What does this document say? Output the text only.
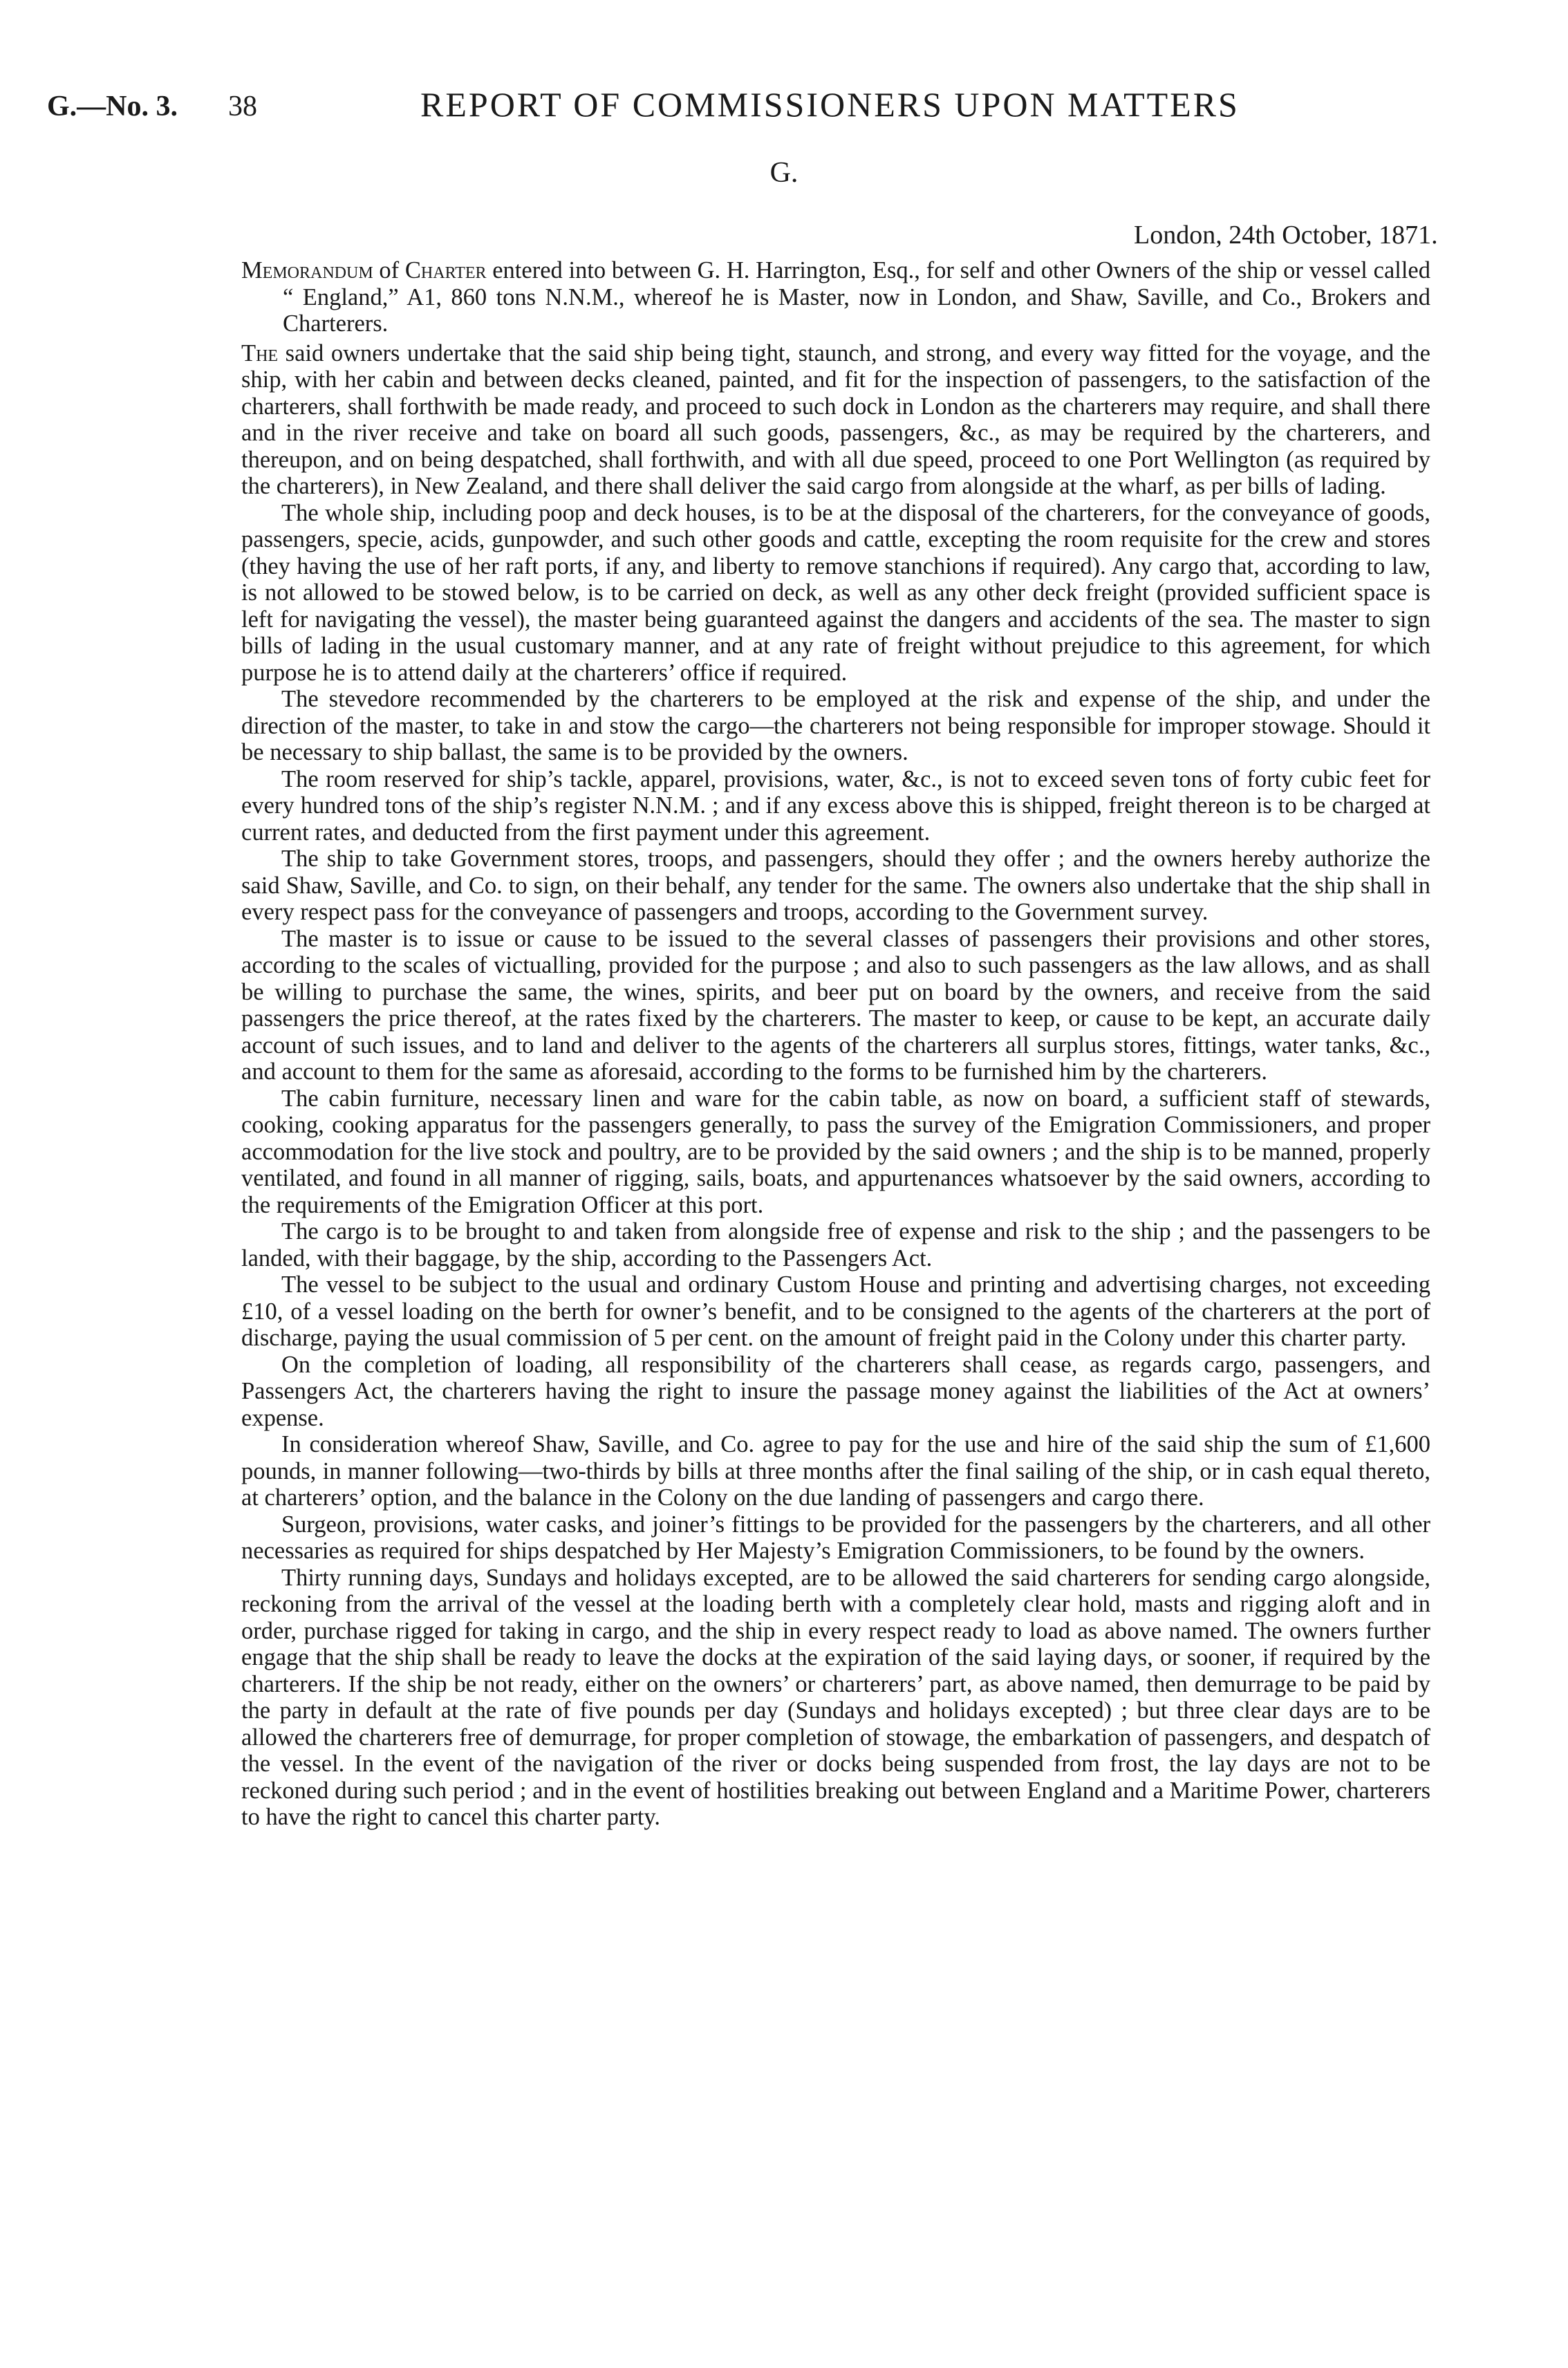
G.—No. 3. 38	REPORT OF COMMISSIONERS UPON MATTERS
G.
London, 24th October, 1871.

Memorandum of Charter entered into between G. H. Harrington, Esq., for self and other Owners of the ship or vessel called “ England,” A1, 860 tons N.N.M., whereof he is Master, now in London, and Shaw, Saville, and Co., Brokers and Charterers.

The said owners undertake that the said ship being tight, staunch, and strong, and every way fitted for the voyage, and the ship, with her cabin and between decks cleaned, painted, and fit for the inspection of passengers, to the satisfaction of the charterers, shall forthwith be made ready, and proceed to such dock in London as the charterers may require, and shall there and in the river receive and take on board all such goods, passengers, &c., as may be required by the charterers, and thereupon, and on being despatched, shall forthwith, and with all due speed, proceed to one Port Wellington (as required by the charterers), in New Zealand, and there shall deliver the said cargo from alongside at the wharf, as per bills of lading.

The whole ship, including poop and deck houses, is to be at the disposal of the charterers, for the conveyance of goods, passengers, specie, acids, gunpowder, and such other goods and cattle, excepting the room requisite for the crew and stores (they having the use of her raft ports, if any, and liberty to remove stanchions if required). Any cargo that, according to law, is not allowed to be stowed below, is to be carried on deck, as well as any other deck freight (provided sufficient space is left for navigating the vessel), the master being guaranteed against the dangers and accidents of the sea. The master to sign bills of lading in the usual customary manner, and at any rate of freight without prejudice to this agreement, for which purpose he is to attend daily at the charterers’ office if required.

The stevedore recommended by the charterers to be employed at the risk and expense of the ship, and under the direction of the master, to take in and stow the cargo—the charterers not being responsible for improper stowage. Should it be necessary to ship ballast, the same is to be provided by the owners.

The room reserved for ship’s tackle, apparel, provisions, water, &c., is not to exceed seven tons of forty cubic feet for every hundred tons of the ship’s register N.N.M. ; and if any excess above this is shipped, freight thereon is to be charged at current rates, and deducted from the first payment under this agreement.

The ship to take Government stores, troops, and passengers, should they offer ; and the owners hereby authorize the said Shaw, Saville, and Co. to sign, on their behalf, any tender for the same. The owners also undertake that the ship shall in every respect pass for the conveyance of passengers and troops, according to the Government survey.

The master is to issue or cause to be issued to the several classes of passengers their provisions and other stores, according to the scales of victualling, provided for the purpose ; and also to such passengers as the law allows, and as shall be willing to purchase the same, the wines, spirits, and beer put on board by the owners, and receive from the said passengers the price thereof, at the rates fixed by the charterers. The master to keep, or cause to be kept, an accurate daily account of such issues, and to land and deliver to the agents of the charterers all surplus stores, fittings, water tanks, &c., and account to them for the same as aforesaid, according to the forms to be furnished him by the charterers.

The cabin furniture, necessary linen and ware for the cabin table, as now on board, a sufficient staff of stewards, cooking, cooking apparatus for the passengers generally, to pass the survey of the Emigration Commissioners, and proper accommodation for the live stock and poultry, are to be provided by the said owners ; and the ship is to be manned, properly ventilated, and found in all manner of rigging, sails, boats, and appurtenances whatsoever by the said owners, according to the requirements of the Emigration Officer at this port.

The cargo is to be brought to and taken from alongside free of expense and risk to the ship ; and the passengers to be landed, with their baggage, by the ship, according to the Passengers Act.

The vessel to be subject to the usual and ordinary Custom House and printing and advertising charges, not exceeding £10, of a vessel loading on the berth for owner’s benefit, and to be consigned to the agents of the charterers at the port of discharge, paying the usual commission of 5 per cent. on the amount of freight paid in the Colony under this charter party.

On the completion of loading, all responsibility of the charterers shall cease, as regards cargo, passengers, and Passengers Act, the charterers having the right to insure the passage money against the liabilities of the Act at owners’ expense.

In consideration whereof Shaw, Saville, and Co. agree to pay for the use and hire of the said ship the sum of £1,600 pounds, in manner following—two-thirds by bills at three months after the final sailing of the ship, or in cash equal thereto, at charterers’ option, and the balance in the Colony on the due landing of passengers and cargo there.

Surgeon, provisions, water casks, and joiner’s fittings to be provided for the passengers by the charterers, and all other necessaries as required for ships despatched by Her Majesty’s Emigration Commissioners, to be found by the owners.

Thirty running days, Sundays and holidays excepted, are to be allowed the said charterers for sending cargo alongside, reckoning from the arrival of the vessel at the loading berth with a completely clear hold, masts and rigging aloft and in order, purchase rigged for taking in cargo, and the ship in every respect ready to load as above named. The owners further engage that the ship shall be ready to leave the docks at the expiration of the said laying days, or sooner, if required by the charterers. If the ship be not ready, either on the owners’ or charterers’ part, as above named, then demurrage to be paid by the party in default at the rate of five pounds per day (Sundays and holidays excepted) ; but three clear days are to be allowed the charterers free of demurrage, for proper completion of stowage, the embarkation of passengers, and despatch of the vessel. In the event of the navigation of the river or docks being suspended from frost, the lay days are not to be reckoned during such period ; and in the event of hostilities breaking out between England and a Maritime Power, charterers to have the right to cancel this charter party.
